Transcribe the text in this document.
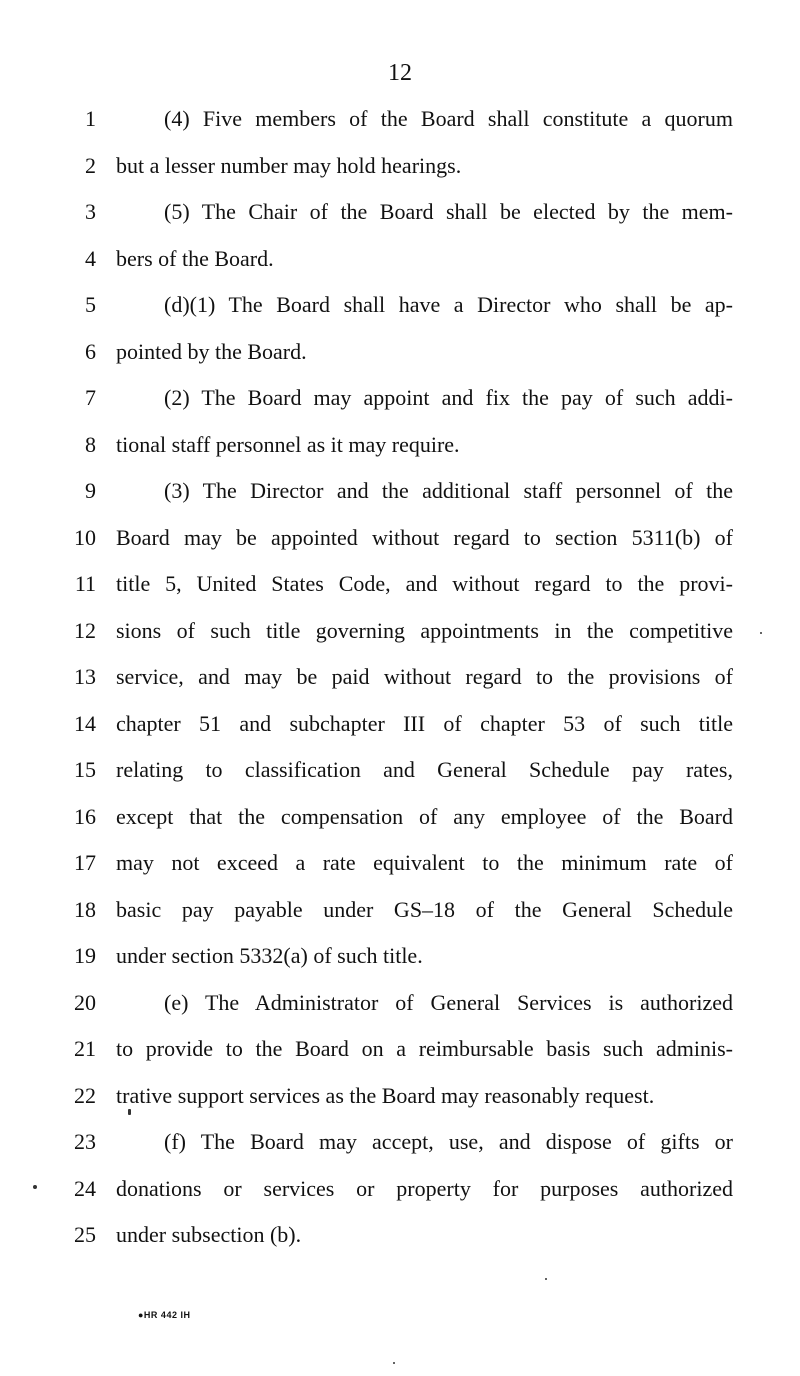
12
1	(4) Five members of the Board shall constitute a quorum
2 but a lesser number may hold hearings.
3	(5) The Chair of the Board shall be elected by the mem-
4 bers of the Board.
5	(d)(1) The Board shall have a Director who shall be ap-
6 pointed by the Board.
7	(2) The Board may appoint and fix the pay of such addi-
8 tional staff personnel as it may require.
9	(3) The Director and the additional staff personnel of the
10 Board may be appointed without regard to section 5311(b) of
11 title 5, United States Code, and without regard to the provi-
12 sions of such title governing appointments in the competitive
13 service, and may be paid without regard to the provisions of
14 chapter 51 and subchapter III of chapter 53 of such title
15 relating to classification and General Schedule pay rates,
16 except that the compensation of any employee of the Board
17 may not exceed a rate equivalent to the minimum rate of
18 basic pay payable under GS–18 of the General Schedule
19 under section 5332(a) of such title.
20	(e) The Administrator of General Services is authorized
21 to provide to the Board on a reimbursable basis such adminis-
22 trative support services as the Board may reasonably request.
23	(f) The Board may accept, use, and dispose of gifts or
24 donations or services or property for purposes authorized
25 under subsection (b).
●HR 442 IH
